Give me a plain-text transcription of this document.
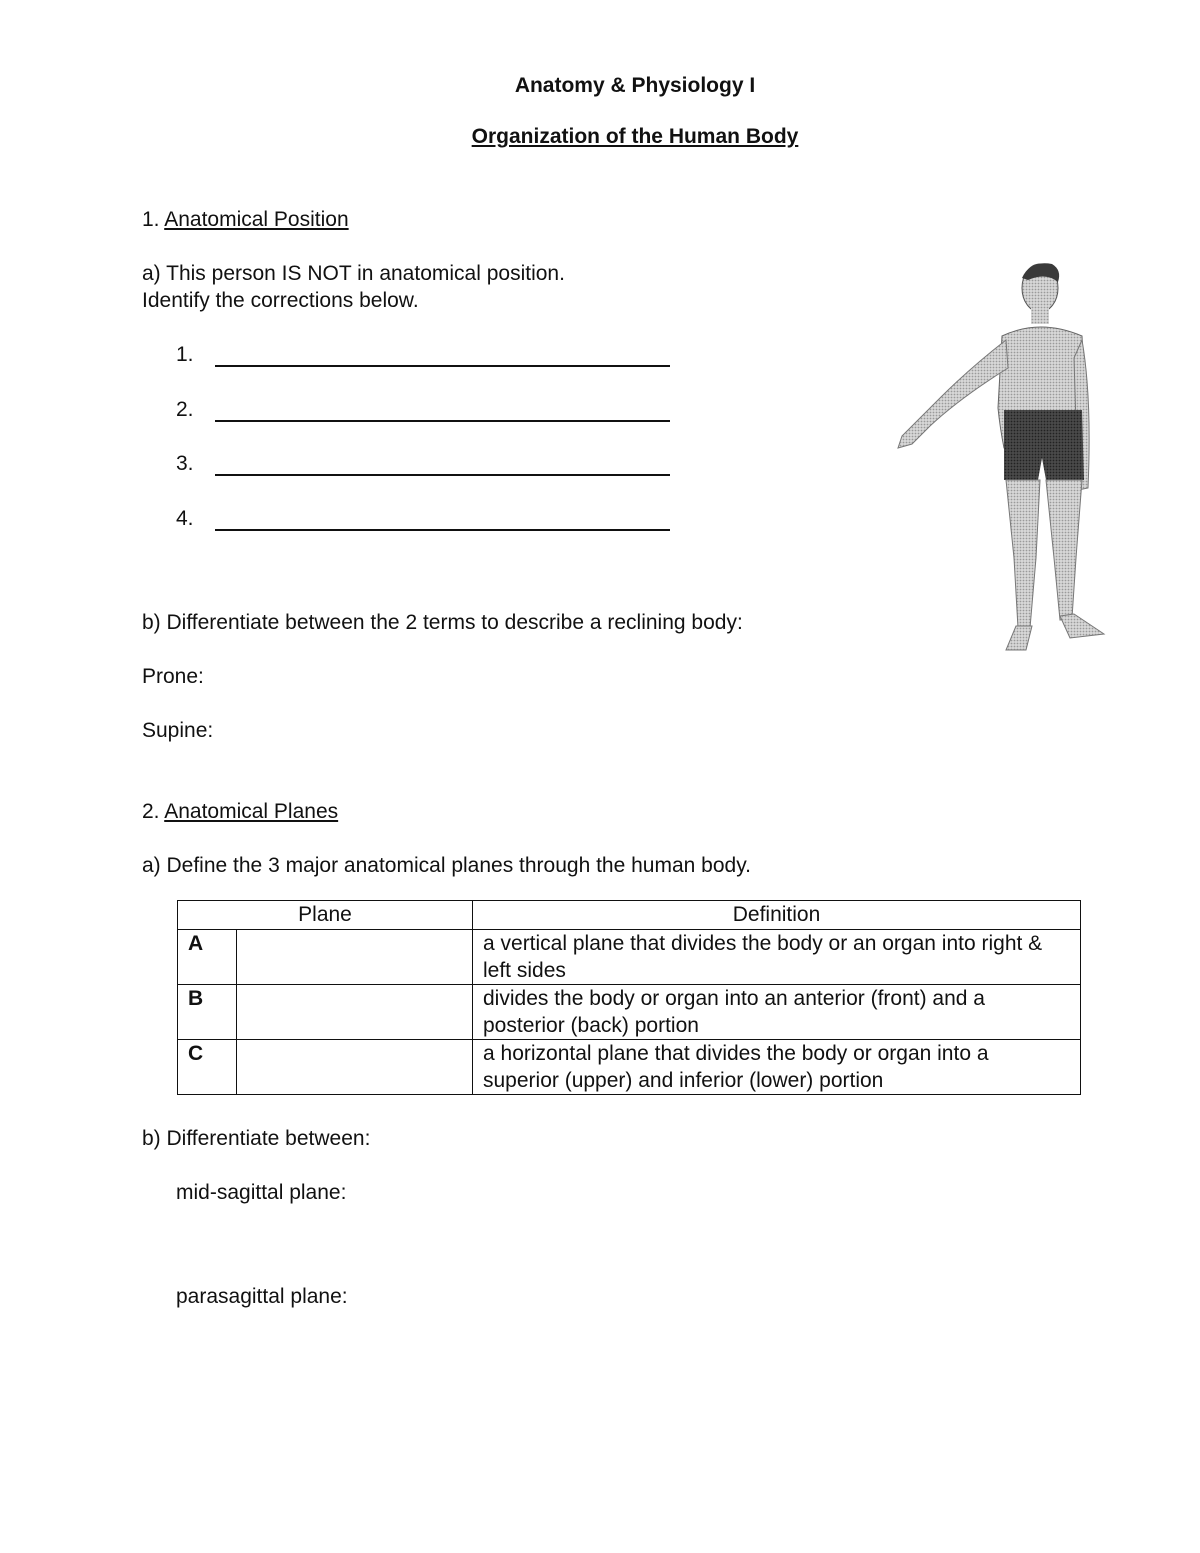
Anatomy & Physiology I
Organization of the Human Body
1. Anatomical Position
a) This person IS NOT in anatomical position.
Identify the corrections below.
1.
2.
3.
4.
b) Differentiate between the 2 terms to describe a reclining body:
Prone:
Supine:
2. Anatomical Planes
a) Define the 3 major anatomical planes through the human body.
Plane		Definition
A		a vertical plane that divides the body or an organ into right & left sides
B		divides the body or organ into an anterior (front) and a posterior (back) portion
C		a horizontal plane that divides the body or organ into a superior (upper) and inferior (lower) portion
b) Differentiate between:
mid-sagittal plane:
parasagittal plane:
